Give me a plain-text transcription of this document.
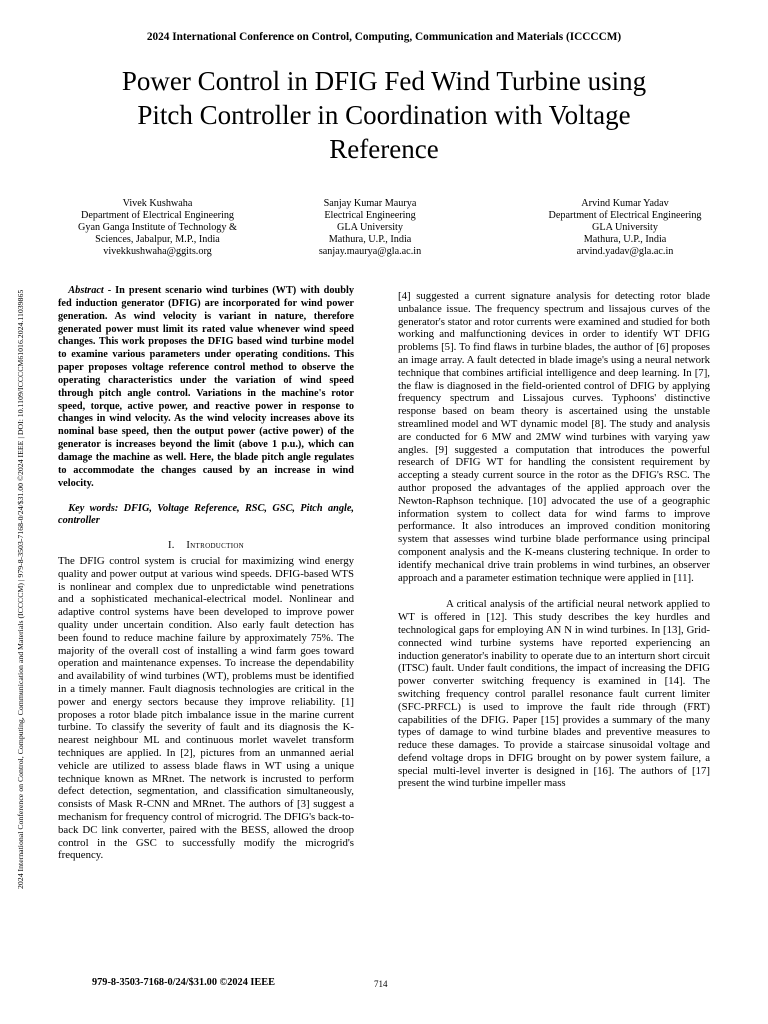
2024 International Conference on Control, Computing, Communication and Materials (ICCCCM)
Power Control in DFIG Fed Wind Turbine using
Pitch Controller in Coordination with Voltage
Reference
Vivek Kushwaha
Department of Electrical Engineering
Gyan Ganga Institute of Technology &
Sciences, Jabalpur, M.P., India
vivekkushwaha@ggits.org
Sanjay Kumar Maurya
Electrical Engineering
GLA University
Mathura, U.P., India
sanjay.maurya@gla.ac.in
Arvind Kumar Yadav
Department of Electrical Engineering
GLA University
Mathura, U.P., India
arvind.yadav@gla.ac.in
2024 International Conference on Control, Computing, Communication and Materials (ICCCCM) | 979-8-3503-7168-0/24/$31.00 ©2024 IEEE | DOI: 10.1109/ICCCCM61016.2024.11039865	Abstract - In present scenario wind turbines (WT) with doubly fed induction generator (DFIG) are incorporated for wind power generation. As wind velocity is variant in nature, therefore generated power must limit its rated value whenever wind speed changes. This work proposes the DFIG based wind turbine model to examine various parameters under operating conditions. This paper proposes voltage reference control method to observe the operating characteristics under the variation of wind speed through pitch angle control. Variations in the machine's rotor speed, torque, active power, and reactive power in response to changes in wind velocity. As the wind velocity increases above its nominal base speed, then the output power (active power) of the generator is increases beyond the limit (above 1 p.u.), which can damage the machine as well. Here, the blade pitch angle regulates to accommodate the changes caused by an increase in wind velocity.

Key words: DFIG, Voltage Reference, RSC, GSC, Pitch angle, controller

I. Introduction

The DFIG control system is crucial for maximizing wind energy quality and power output at various wind speeds. DFIG-based WTS is nonlinear and complex due to unpredictable wind penetrations and a sophisticated mechanical-electrical model. Nonlinear and adaptive control systems have been developed to improve power quality under uncertain condition. Also early fault detection has been found to reduce machine failure by approximately 75%. The majority of the overall cost of installing a wind farm goes toward operation and maintenance expenses. To increase the dependability and availability of wind turbines (WT), problems must be identified in a timely manner. Fault diagnosis technologies are critical in the power and energy sectors because they improve reliability. [1] proposes a rotor blade pitch imbalance issue in the marine current turbine. To classify the severity of fault and its diagnosis the K-nearest neighbour ML and continuous morlet wavelet transform techniques are applied. In [2], pictures from an unmanned aerial vehicle are utilized to assess blade flaws in WT using a unique technique known as MRnet. The network is incrusted to perform defect detection, segmentation, and classification simultaneously, consists of Mask R-CNN and MRnet. The authors of [3] suggest a mechanism for frequency control of microgrid. The DFIG's back-to-back DC link converter, paired with the BESS, allowed the droop control in the GSC to successfully modify the microgrid's frequency.

[4] suggested a current signature analysis for detecting rotor blade unbalance issue. The frequency spectrum and lissajous curves of the generator's stator and rotor currents were examined and studied for both working and malfunctioning devices in order to identify WT DFIG problems [5]. To find flaws in turbine blades, the author of [6] proposes an image array. A fault detected in blade image's using a neural network technique that combines artificial intelligence and deep learning. In [7], the flaw is diagnosed in the field-oriented control of DFIG by applying frequency spectrum and Lissajous curves. Typhoons' distinctive response based on beam theory is ascertained using the unstable streamlined model and WT dynamic model [8]. The study and analysis are conducted for 6 MW and 2MW wind turbines with varying yaw angles. [9] suggested a computation that introduces the powerful research of DFIG WT for handling the consistent requirement by accepting a steady current source in the rotor as the DFIG's RSC. The author proposed the advantages of the applied approach over the Newton-Raphson technique. [10] advocated the use of a geographic information system to collect data for wind farms to improve performance. It also introduces an improved condition monitoring system that assesses wind turbine blade performance using principal component analysis and the K-means clustering technique. In order to identify mechanical drive train problems in wind turbines, an observer approach and a parameter estimation technique were applied in [11].

A critical analysis of the artificial neural network applied to WT is offered in [12]. This study describes the key hurdles and technological gaps for employing AN N in wind turbines. In [13], Grid-connected wind turbine systems have reported experiencing an induction generator's inability to operate due to an interturn short circuit (ITSC) fault. Under fault conditions, the impact of increasing the DFIG power converter switching frequency is examined in [14]. The switching frequency control parallel resonance fault current limiter (SFC-PRFCL) is used to improve the fault ride through (FRT) capabilities of the DFIG. Paper [15] provides a summary of the many types of damage to wind turbine blades and preventive measures to reduce these damages. To provide a staircase sinusoidal voltage and defend voltage drops in DFIG brought on by power system failure, a special multi-level inverter is designed in [16]. The authors of [17] present the wind turbine impeller mass

979-8-3503-7168-0/24/$31.00 ©2024 IEEE	714
